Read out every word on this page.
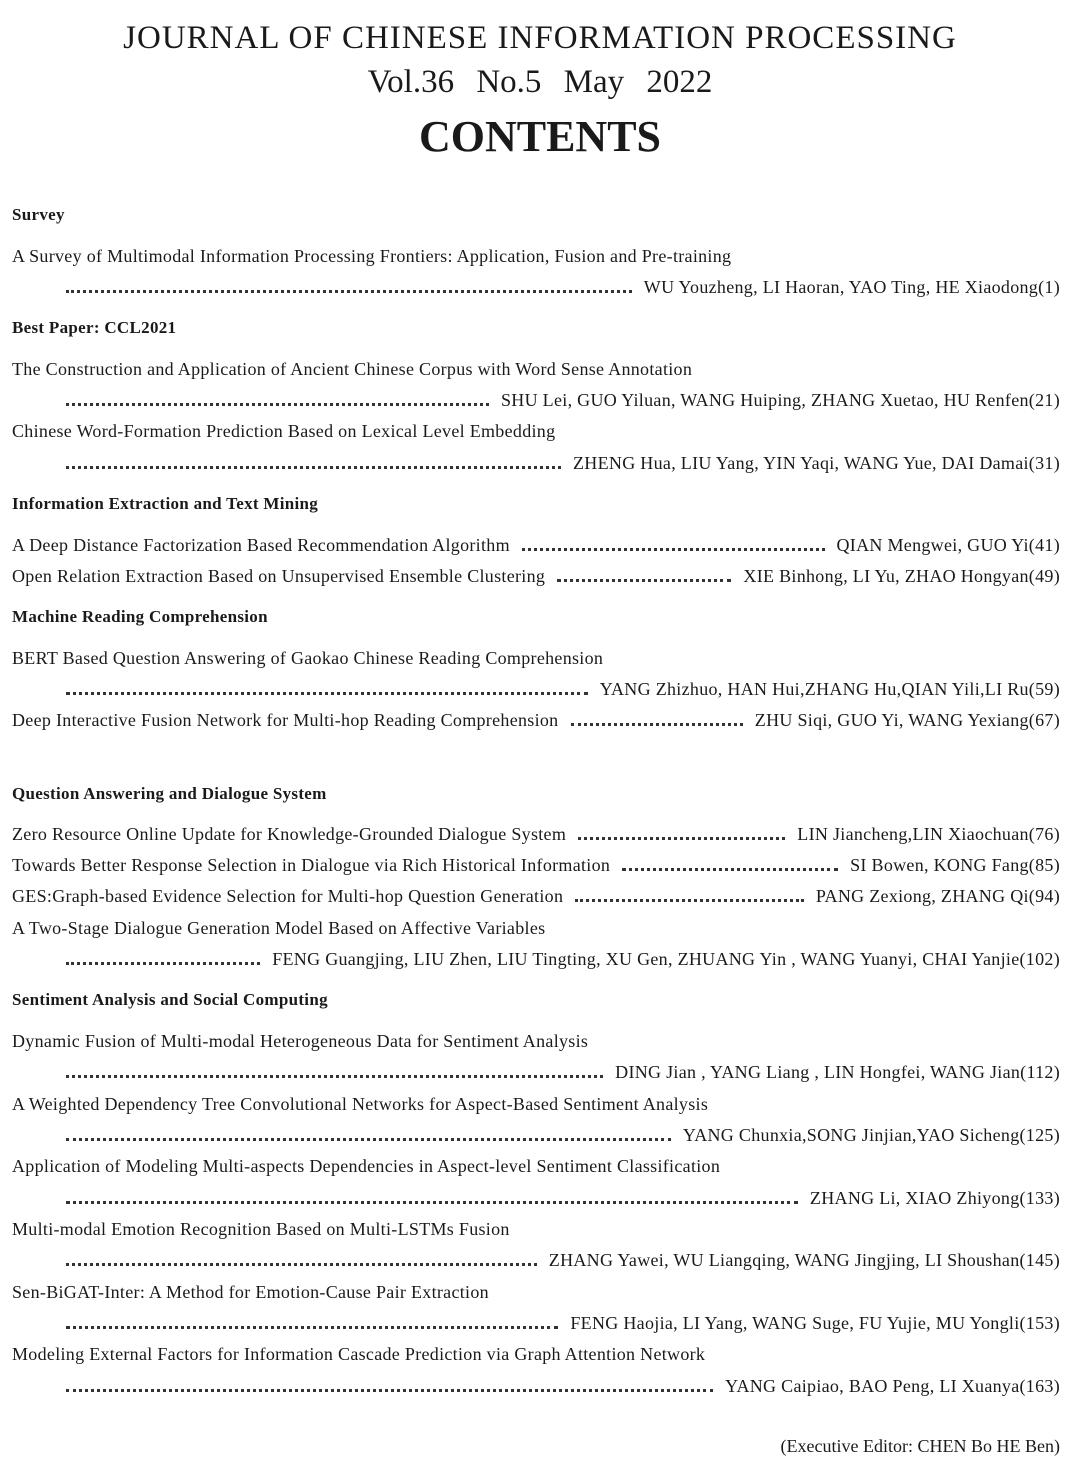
JOURNAL OF CHINESE INFORMATION PROCESSING
Vol.36 No.5 May 2022
CONTENTS
Survey
A Survey of Multimodal Information Processing Frontiers: Application, Fusion and Pre-training
WU Youzheng, LI Haoran, YAO Ting, HE Xiaodong(1)
Best Paper: CCL2021
The Construction and Application of Ancient Chinese Corpus with Word Sense Annotation
SHU Lei, GUO Yiluan, WANG Huiping, ZHANG Xuetao, HU Renfen(21)
Chinese Word-Formation Prediction Based on Lexical Level Embedding
ZHENG Hua, LIU Yang, YIN Yaqi, WANG Yue, DAI Damai(31)
Information Extraction and Text Mining
A Deep Distance Factorization Based Recommendation Algorithm	QIAN Mengwei, GUO Yi(41)
Open Relation Extraction Based on Unsupervised Ensemble Clustering	XIE Binhong, LI Yu, ZHAO Hongyan(49)
Machine Reading Comprehension
BERT Based Question Answering of Gaokao Chinese Reading Comprehension
YANG Zhizhuo, HAN Hui,ZHANG Hu,QIAN Yili,LI Ru(59)
Deep Interactive Fusion Network for Multi-hop Reading Comprehension	ZHU Siqi, GUO Yi, WANG Yexiang(67)
Question Answering and Dialogue System
Zero Resource Online Update for Knowledge-Grounded Dialogue System	LIN Jiancheng,LIN Xiaochuan(76)
Towards Better Response Selection in Dialogue via Rich Historical Information	SI Bowen, KONG Fang(85)
GES:Graph-based Evidence Selection for Multi-hop Question Generation	PANG Zexiong, ZHANG Qi(94)
A Two-Stage Dialogue Generation Model Based on Affective Variables
FENG Guangjing, LIU Zhen, LIU Tingting, XU Gen, ZHUANG Yin , WANG Yuanyi, CHAI Yanjie(102)
Sentiment Analysis and Social Computing
Dynamic Fusion of Multi-modal Heterogeneous Data for Sentiment Analysis
DING Jian , YANG Liang , LIN Hongfei, WANG Jian(112)
A Weighted Dependency Tree Convolutional Networks for Aspect-Based Sentiment Analysis
YANG Chunxia,SONG Jinjian,YAO Sicheng(125)
Application of Modeling Multi-aspects Dependencies in Aspect-level Sentiment Classification
ZHANG Li, XIAO Zhiyong(133)
Multi-modal Emotion Recognition Based on Multi-LSTMs Fusion
ZHANG Yawei, WU Liangqing, WANG Jingjing, LI Shoushan(145)
Sen-BiGAT-Inter: A Method for Emotion-Cause Pair Extraction
FENG Haojia, LI Yang, WANG Suge, FU Yujie, MU Yongli(153)
Modeling External Factors for Information Cascade Prediction via Graph Attention Network
YANG Caipiao, BAO Peng, LI Xuanya(163)
(Executive Editor: CHEN Bo HE Ben)
